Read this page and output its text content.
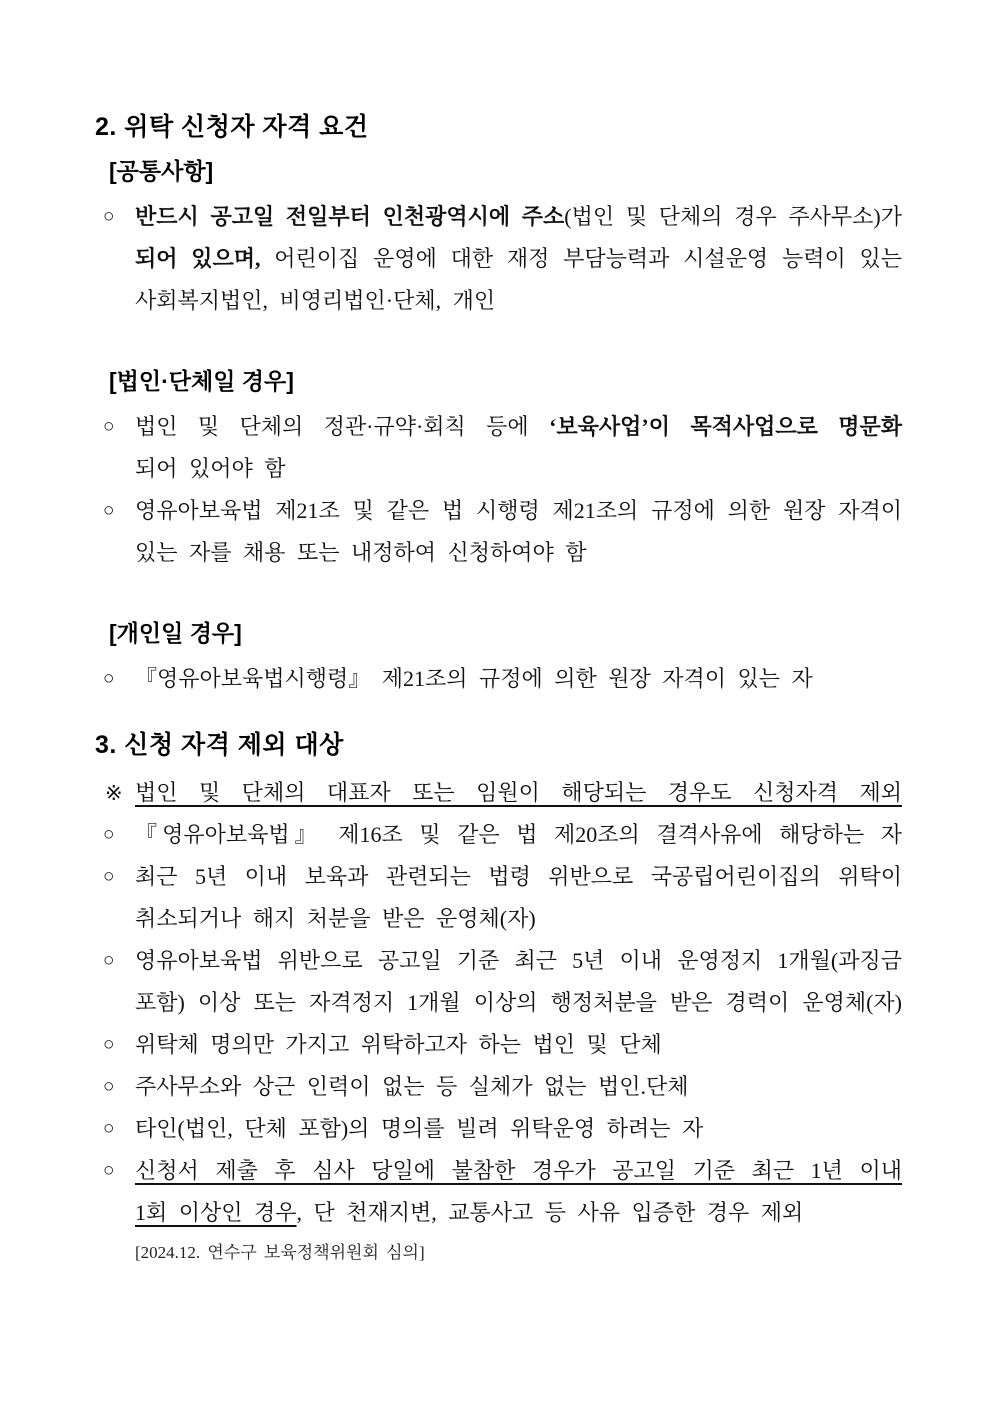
2. 위탁 신청자 자격 요건
[공통사항]
○ 반드시 공고일 전일부터 인천광역시에 주소(법인 및 단체의 경우 주사무소)가
되어 있으며, 어린이집 운영에 대한 재정 부담능력과 시설운영 능력이 있는
사회복지법인, 비영리법인·단체, 개인
[법인·단체일 경우]
○ 법인 및 단체의 정관·규약·회칙 등에 ‘보육사업’이 목적사업으로 명문화
되어 있어야 함
○ 영유아보육법 제21조 및 같은 법 시행령 제21조의 규정에 의한 원장 자격이
있는 자를 채용 또는 내정하여 신청하여야 함
[개인일 경우]
○ 『영유아보육법시행령』 제21조의 규정에 의한 원장 자격이 있는 자
3. 신청 자격 제외 대상
※ 법인 및 단체의 대표자 또는 임원이 해당되는 경우도 신청자격 제외
○ 『영유아보육법』 제16조 및 같은 법 제20조의 결격사유에 해당하는 자
○ 최근 5년 이내 보육과 관련되는 법령 위반으로 국공립어린이집의 위탁이
취소되거나 해지 처분을 받은 운영체(자)
○ 영유아보육법 위반으로 공고일 기준 최근 5년 이내 운영정지 1개월(과징금
포함) 이상 또는 자격정지 1개월 이상의 행정처분을 받은 경력이 운영체(자)
○ 위탁체 명의만 가지고 위탁하고자 하는 법인 및 단체
○ 주사무소와 상근 인력이 없는 등 실체가 없는 법인.단체
○ 타인(법인, 단체 포함)의 명의를 빌려 위탁운영 하려는 자
○ 신청서 제출 후 심사 당일에 불참한 경우가 공고일 기준 최근 1년 이내
1회 이상인 경우, 단 천재지변, 교통사고 등 사유 입증한 경우 제외
[2024.12. 연수구 보육정책위원회 심의]
